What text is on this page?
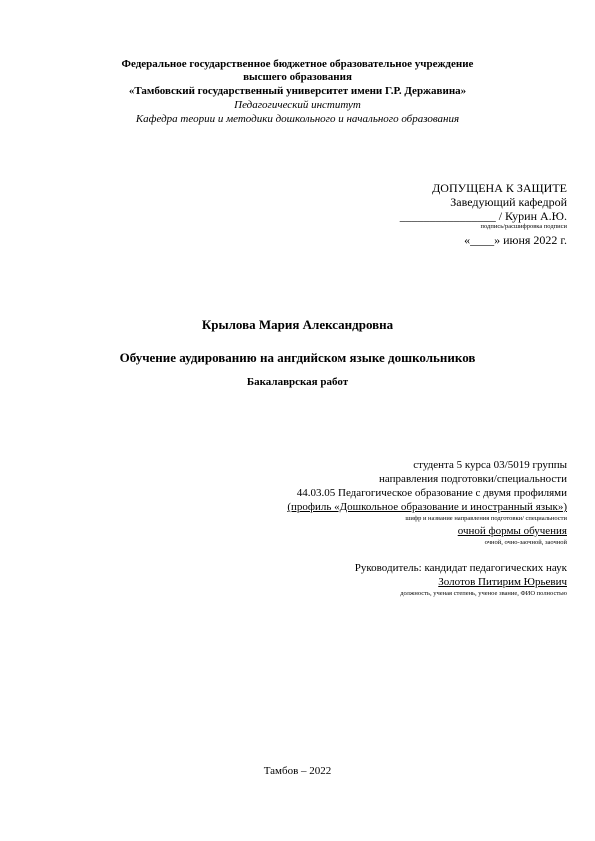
Федеральное государственное бюджетное образовательное учреждение
высшего образования
«Тамбовский государственный университет имени Г.Р. Державина»
Педагогический институт
Кафедра теории и методики дошкольного и начального образования
ДОПУЩЕНА К ЗАЩИТЕ
Заведующий кафедрой
________________ / Курин А.Ю.
подпись/расшифровка подписи
«____» июня 2022 г.
Крылова Мария Александровна
Обучение аудированию на ангдийском языке дошкольников
Бакалаврская работ
студента 5 курса 03/5019 группы
направления подготовки/специальности
44.03.05 Педагогическое образование с двумя профилями
(профиль «Дошкольное образование и иностранный язык»)
шифр и название направления подготовки/ специальности
очной формы обучения
очной, очно-заочной, заочной
Руководитель: кандидат педагогических наук
Золотов Питирим Юрьевич
должность, ученая степень, ученое звание, ФИО полностью
Тамбов – 2022
